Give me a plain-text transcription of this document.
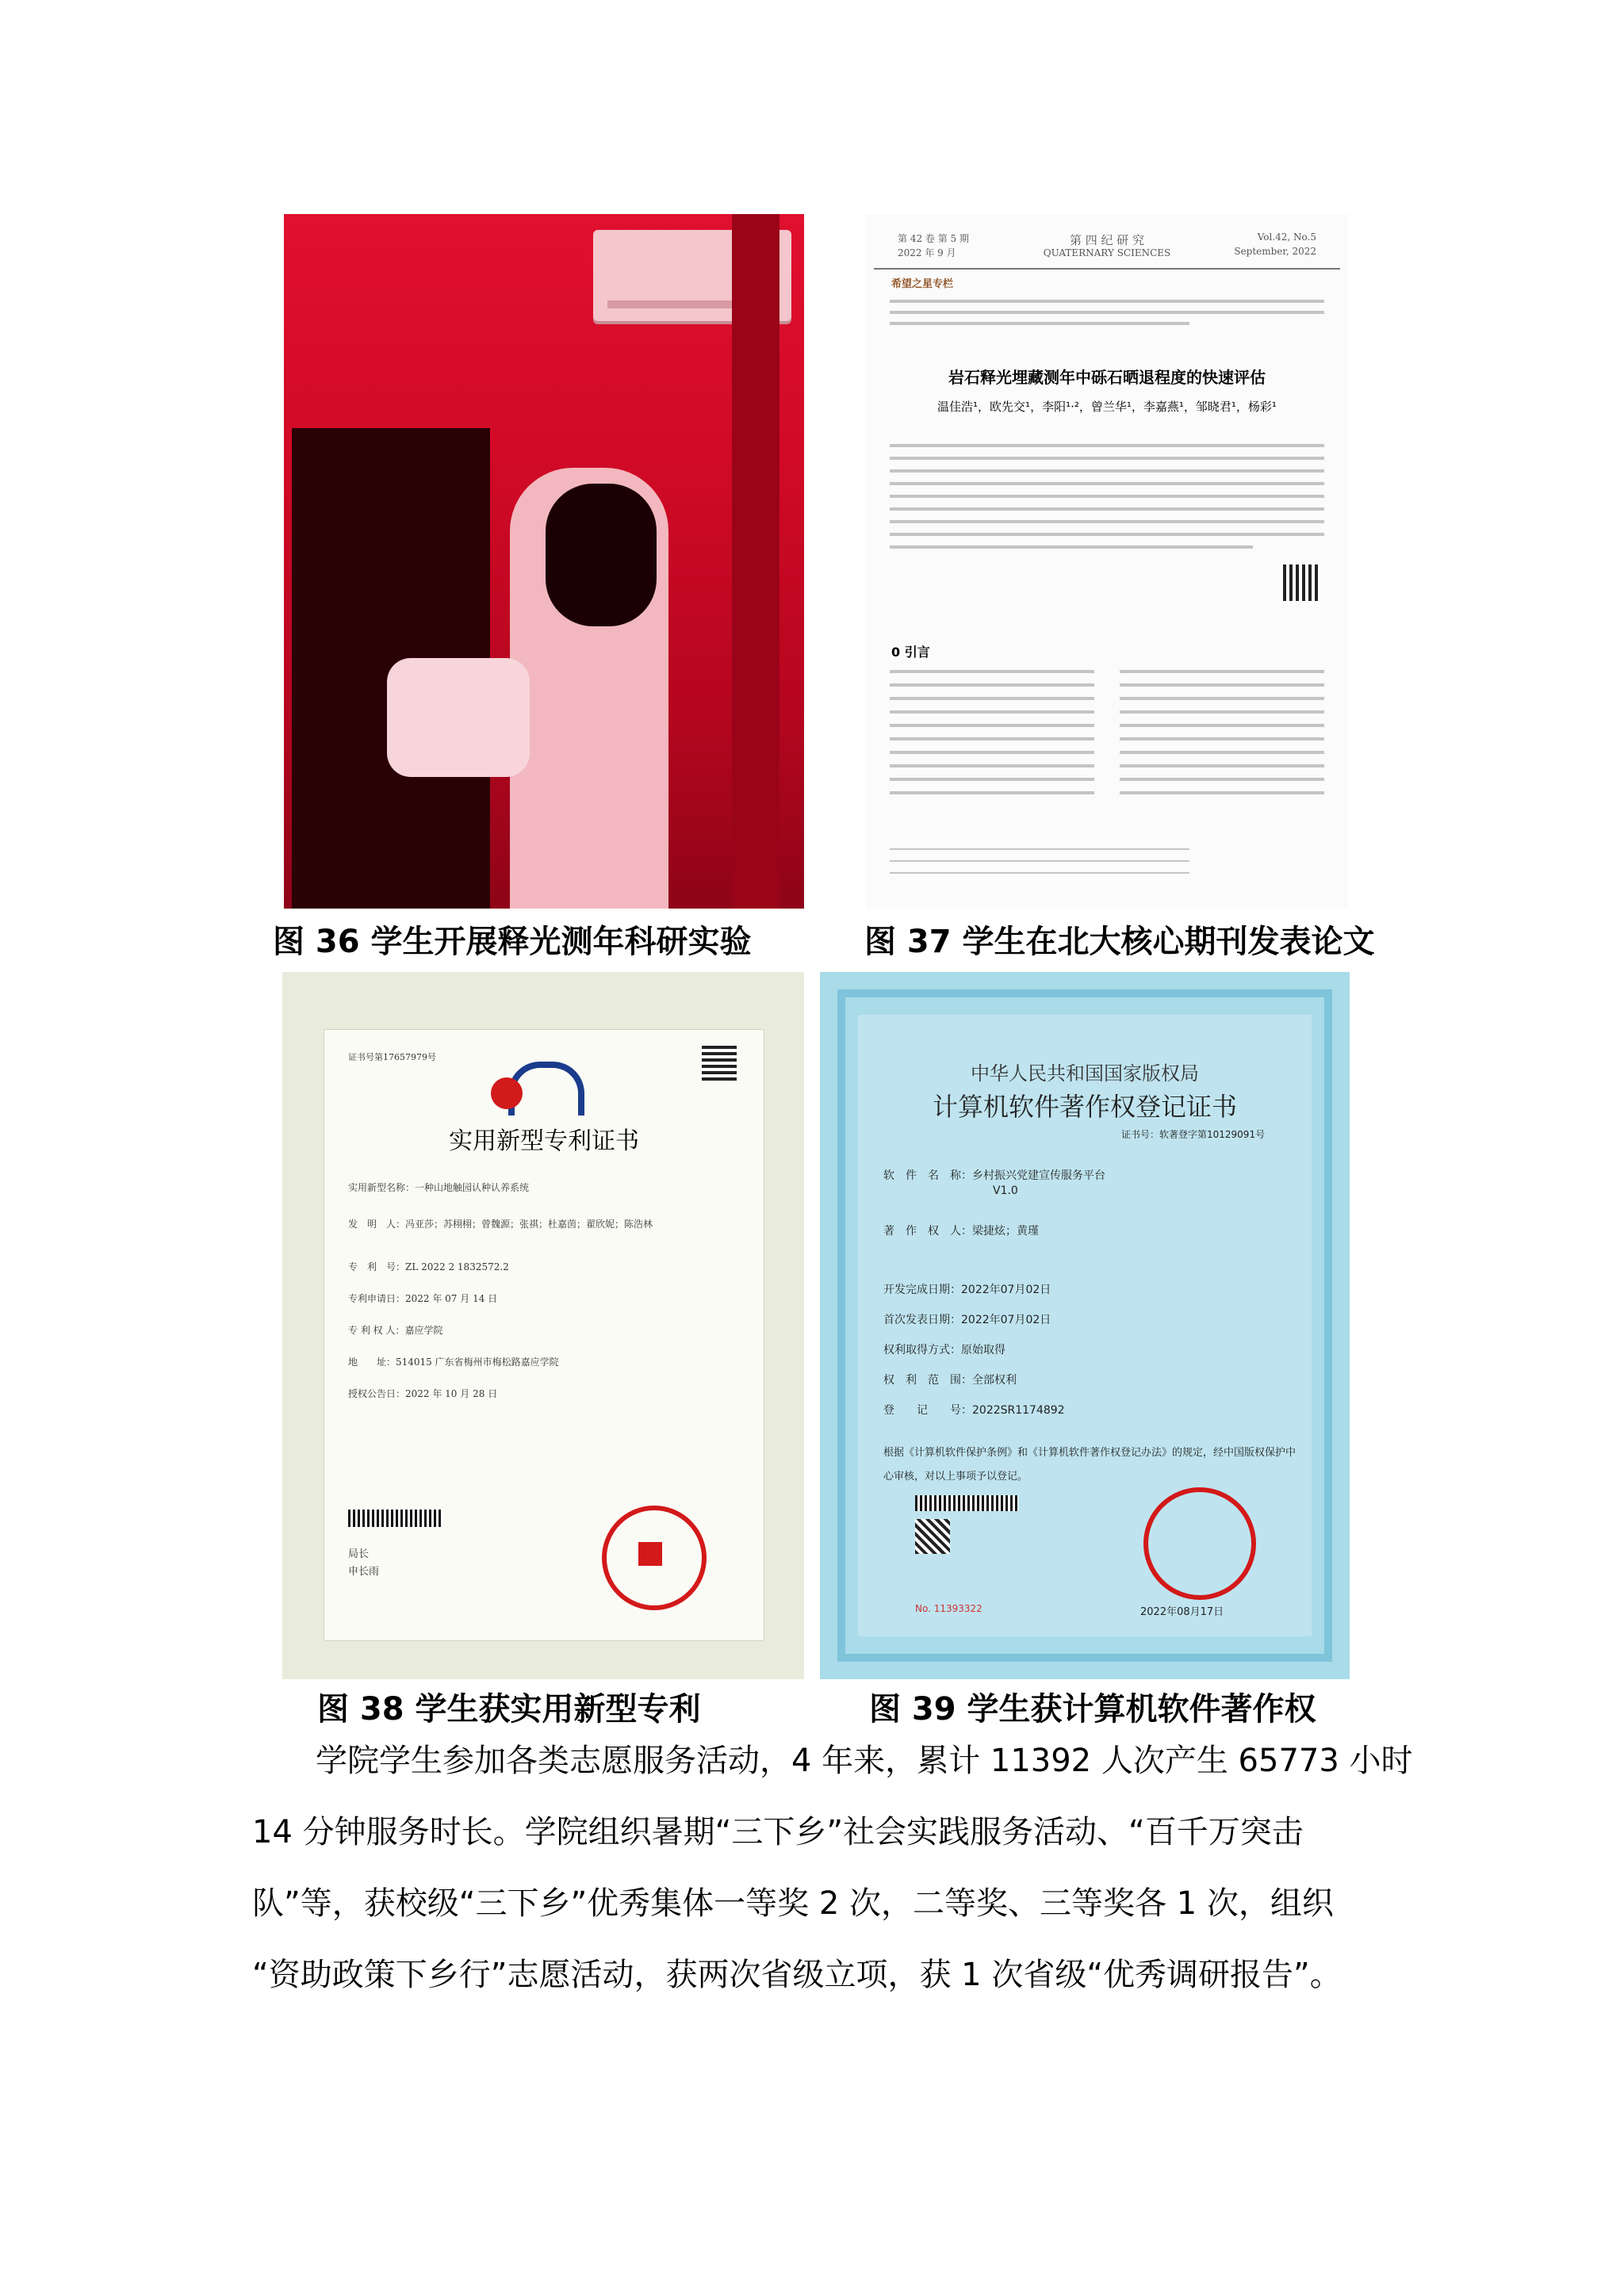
第 42 卷 第 5 期
2022 年 9 月
第 四 纪 研 究
QUATERNARY SCIENCES
Vol.42, No.5
September, 2022
希望之星专栏
岩石释光埋藏测年中砾石晒退程度的快速评估
温佳浩¹，欧先交¹，李阳¹·²，曾兰华¹，李嘉燕¹，邹晓君¹，杨彩¹
0 引言
证书号第17657979号
实用新型专利证书
实用新型名称：一种山地触园认种认养系统
发　明　人：冯亚莎；苏栩栩；曾魏源；张祺；杜嘉茵；翟欣妮；陈浩林
专　利　号：ZL 2022 2 1832572.2
专利申请日：2022 年 07 月 14 日
专 利 权 人：嘉应学院
地　　址：514015 广东省梅州市梅松路嘉应学院
授权公告日：2022 年 10 月 28 日
局长
申长雨
中华人民共和国国家版权局
计算机软件著作权登记证书
证书号：软著登字第10129091号
软　件　名　称：乡村振兴党建宣传服务平台
V1.0
著　作　权　人：梁捷炫；黄瑾
开发完成日期：2022年07月02日
首次发表日期：2022年07月02日
权利取得方式：原始取得
权　利　范　围：全部权利
登　　记　　号：2022SR1174892
根据《计算机软件保护条例》和《计算机软件著作权登记办法》的规定，经中国版权保护中心审核，对以上事项予以登记。
No. 11393322	2022年08月17日
图 36 学生开展释光测年科研实验	图 37 学生在北大核心期刊发表论文
图 38 学生获实用新型专利	图 39 学生获计算机软件著作权
学院学生参加各类志愿服务活动，4 年来，累计 11392 人次产生 65773 小时
14 分钟服务时长。学院组织暑期“三下乡”社会实践服务活动、“百千万突击
队”等，获校级“三下乡”优秀集体一等奖 2 次，二等奖、三等奖各 1 次，组织
“资助政策下乡行”志愿活动，获两次省级立项，获 1 次省级“优秀调研报告”。
